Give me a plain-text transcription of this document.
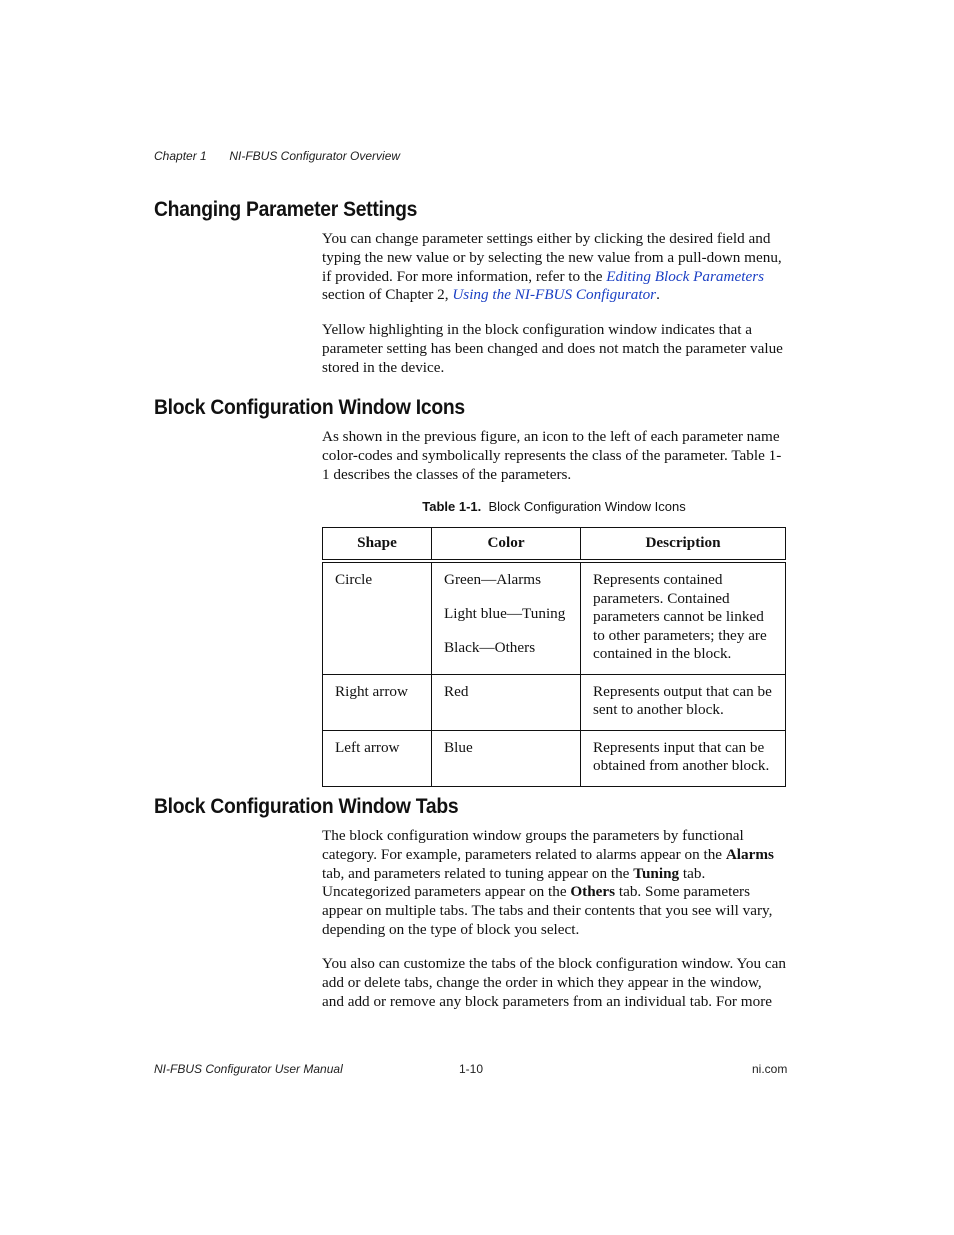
Chapter 1 NI-FBUS Configurator Overview
Changing Parameter Settings

You can change parameter settings either by clicking the desired field and typing the new value or by selecting the new value from a pull-down menu, if provided. For more information, refer to the Editing Block Parameters section of Chapter 2, Using the NI-FBUS Configurator.

Yellow highlighting in the block configuration window indicates that a parameter setting has been changed and does not match the parameter value stored in the device.

Block Configuration Window Icons

As shown in the previous figure, an icon to the left of each parameter name color-codes and symbolically represents the class of the parameter. Table 1-1 describes the classes of the parameters.

Table 1-1. Block Configuration Window Icons
Shape	Color	Description
Circle	Green—Alarms
Light blue—Tuning
Black—Others	Represents contained parameters. Contained parameters cannot be linked to other parameters; they are contained in the block.
Right arrow	Red	Represents output that can be sent to another block.
Left arrow	Blue	Represents input that can be obtained from another block.
Block Configuration Window Tabs

The block configuration window groups the parameters by functional category. For example, parameters related to alarms appear on the Alarms tab, and parameters related to tuning appear on the Tuning tab. Uncategorized parameters appear on the Others tab. Some parameters appear on multiple tabs. The tabs and their contents that you see will vary, depending on the type of block you select.

You also can customize the tabs of the block configuration window. You can add or delete tabs, change the order in which they appear in the window, and add or remove any block parameters from an individual tab. For more

NI-FBUS Configurator User Manual	1-10	ni.com
